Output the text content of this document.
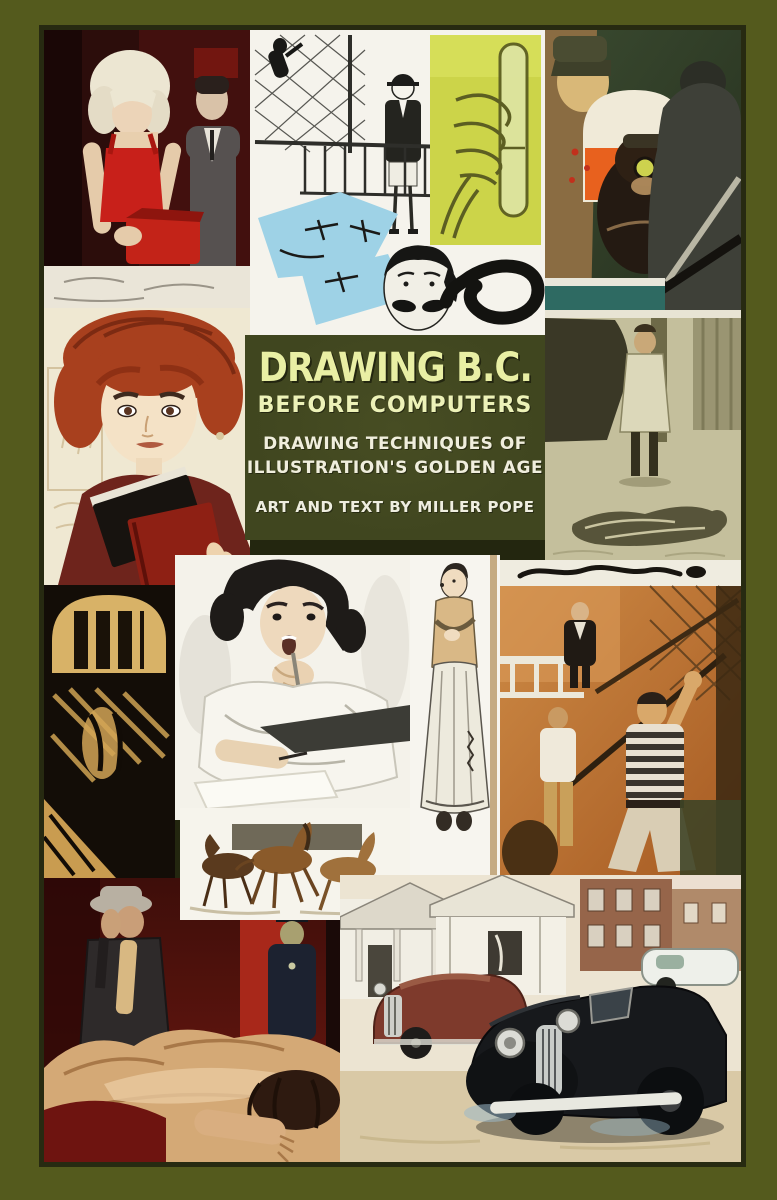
DRAWING B.C.
BEFORE COMPUTERS
DRAWING TECHNIQUES OF
ILLUSTRATION'S GOLDEN AGE
ART AND TEXT BY MILLER POPE
